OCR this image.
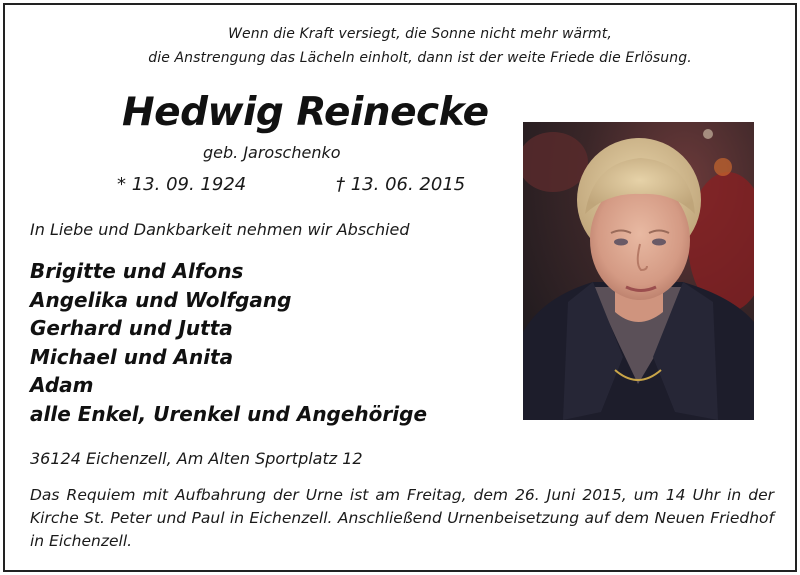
Wenn die Kraft versiegt, die Sonne nicht mehr wärmt,
die Anstrengung das Lächeln einholt, dann ist der weite Friede die Erlösung.
Hedwig Reinecke
geb. Jaroschenko
* 13. 09. 1924	† 13. 06. 2015
In Liebe und Dankbarkeit nehmen wir Abschied
Brigitte und Alfons
Angelika und Wolfgang
Gerhard und Jutta
Michael und Anita
Adam
alle Enkel, Urenkel und Angehörige
36124 Eichenzell, Am Alten Sportplatz 12
Das Requiem mit Aufbahrung der Urne ist am Freitag, dem 26. Juni 2015, um 14 Uhr in der Kirche St. Peter und Paul in Eichenzell. Anschließend Urnenbeisetzung auf dem Neuen Friedhof in Eichenzell.
